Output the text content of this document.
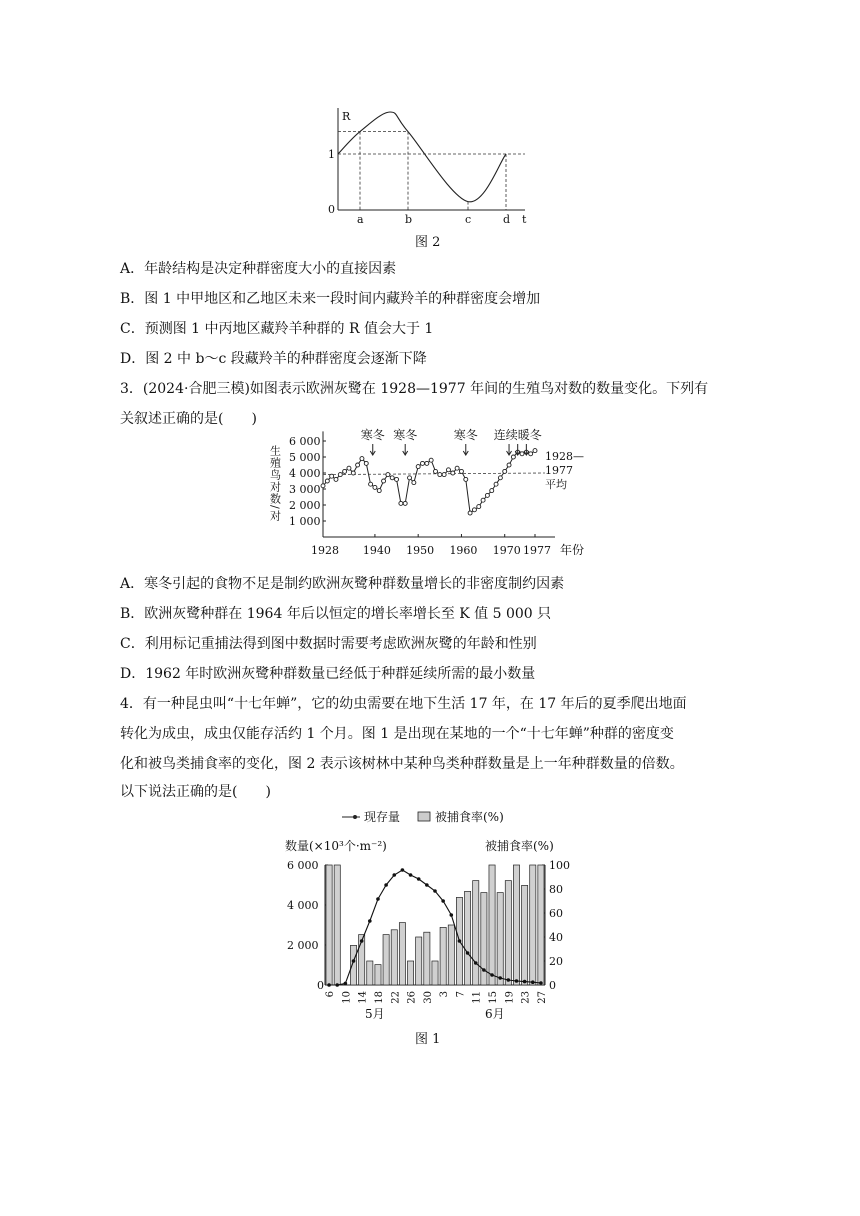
R
t
0
1
a	b	c	d
图 2
A．年龄结构是决定种群密度大小的直接因素
B．图 1 中甲地区和乙地区未来一段时间内藏羚羊的种群密度会增加
C．预测图 1 中丙地区藏羚羊种群的 R 值会大于 1
D．图 2 中 b～c 段藏羚羊的种群密度会逐渐下降
3．(2024·合肥三模)如图表示欧洲灰鹭在 1928—1977 年间的生殖鸟对数的数量变化。下列有
关叙述正确的是(　　)
生殖鸟对数/对 1 000
2 000
3 000
4 000
5 000
6 000
1928 1940 1950 1960 1970 1977 年份
1928—
1977
平均
寒冬 寒冬	寒冬 连续暖冬
A．寒冬引起的食物不足是制约欧洲灰鹭种群数量增长的非密度制约因素
B．欧洲灰鹭种群在 1964 年后以恒定的增长率增长至 K 值 5 000 只
C．利用标记重捕法得到图中数据时需要考虑欧洲灰鹭的年龄和性别
D．1962 年时欧洲灰鹭种群数量已经低于种群延续所需的最小数量
4．有一种昆虫叫“十七年蝉”，它的幼虫需要在地下生活 17 年，在 17 年后的夏季爬出地面
转化为成虫，成虫仅能存活约 1 个月。图 1 是出现在某地的一个“十七年蝉”种群的密度变
化和被鸟类捕食率的变化，图 2 表示该树林中某种鸟类种群数量是上一年种群数量的倍数。
以下说法正确的是(　　)
现存量	被捕食率(%)
数量(×10³个·m⁻²)	被捕食率(%)
0
2 000
4 000
6 000
0
20
40
60
80
100
6 10 14 18 22 26 30 3 7 11 15 19 23 27
5月	6月
图 1
